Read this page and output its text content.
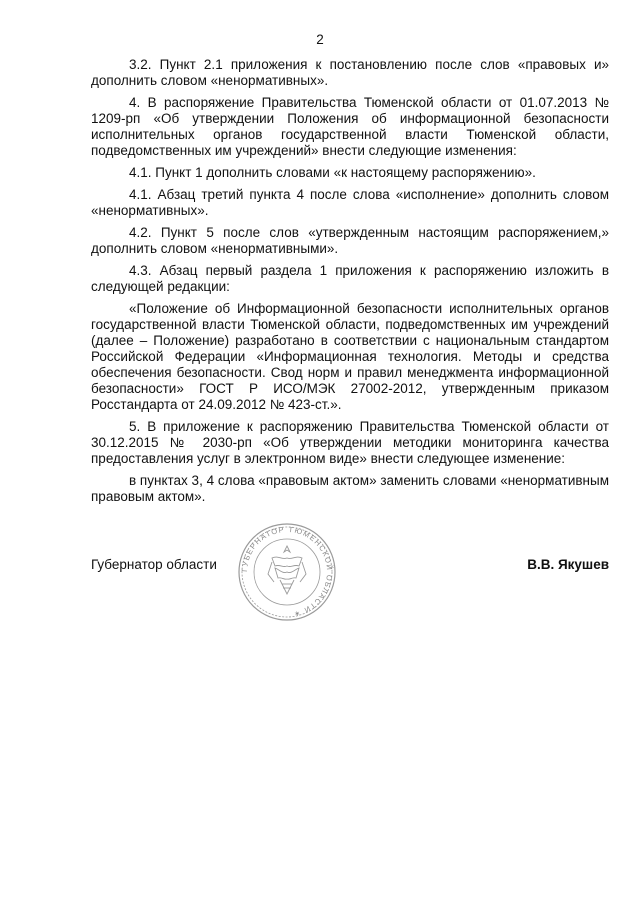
2

3.2. Пункт 2.1 приложения к постановлению после слов «правовых и» дополнить словом «ненормативных».

4. В распоряжение Правительства Тюменской области от 01.07.2013 № 1209-рп «Об утверждении Положения об информационной безопасности исполнительных органов государственной власти Тюменской области, подведомственных им учреждений» внести следующие изменения:

4.1. Пункт 1 дополнить словами «к настоящему распоряжению».

4.1. Абзац третий пункта 4 после слова «исполнение» дополнить словом «ненормативных».

4.2. Пункт 5 после слов «утвержденным настоящим распоряжением,» дополнить словом «ненормативными».

4.3. Абзац первый раздела 1 приложения к распоряжению изложить в следующей редакции:

«Положение об Информационной безопасности исполнительных органов государственной власти Тюменской области, подведомственных им учреждений (далее – Положение) разработано в соответствии с национальным стандартом Российской Федерации «Информационная технология. Методы и средства обеспечения безопасности. Свод норм и правил менеджмента информационной безопасности» ГОСТ Р ИСО/МЭК 27002-2012, утвержденным приказом Росстандарта от 24.09.2012 № 423-ст.».

5. В приложение к распоряжению Правительства Тюменской области от 30.12.2015 № 2030-рп «Об утверждении методики мониторинга качества предоставления услуг в электронном виде» внести следующее изменение:

в пунктах 3, 4 слова «правовым актом» заменить словами «ненормативным правовым актом».

Губернатор области	В.В. Якушев
ГУБЕРНАТОР ТЮМЕНСКОЙ ОБЛАСТИ ✶
